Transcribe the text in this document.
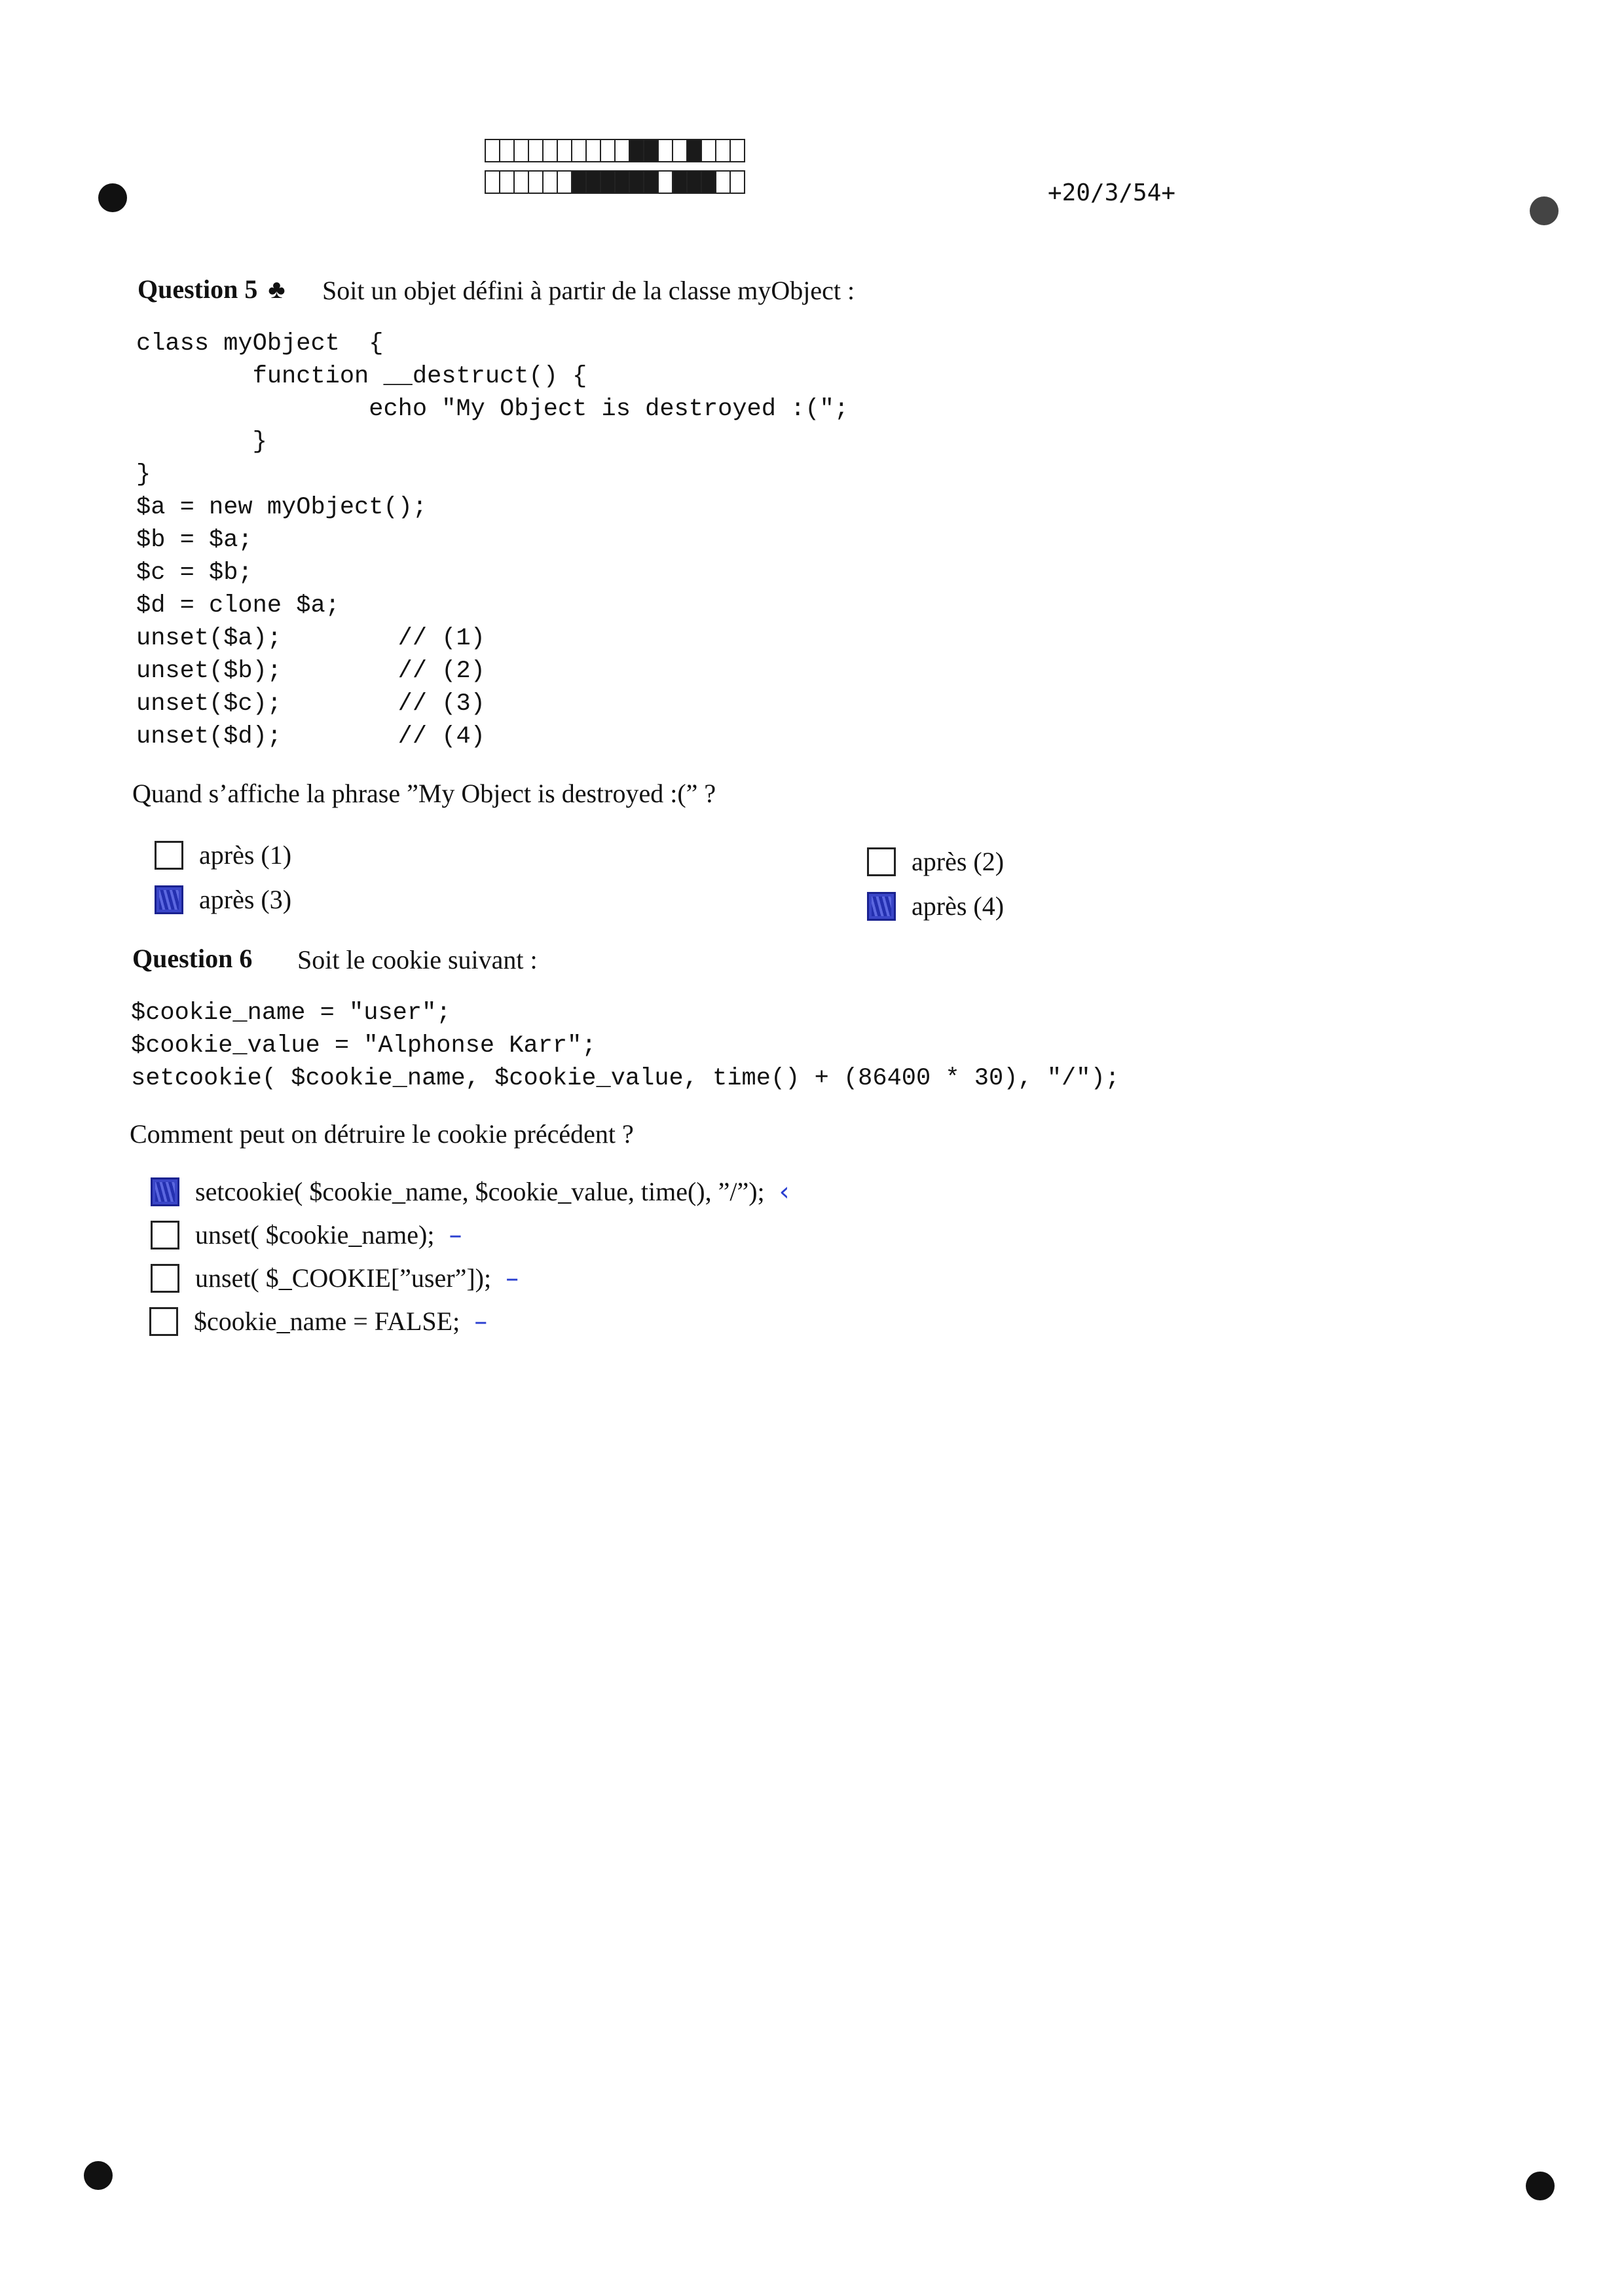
+20/3/54+
Question 5 ♣ Soit un objet défini à partir de la classe myObject :
class myObject  {
function __destruct() {
echo "My Object is destroyed :(";
}
}
$a = new myObject();
$b = $a;
$c = $b;
$d = clone $a;
unset($a);        // (1)
unset($b);        // (2)
unset($c);        // (3)
unset($d);        // (4)
Quand s’affiche la phrase ”My Object is destroyed :(” ?
après (1)	après (2)
après (3)	après (4)
Question 6 Soit le cookie suivant :
$cookie_name = "user";
$cookie_value = "Alphonse Karr";
setcookie( $cookie_name, $cookie_value, time() + (86400 * 30), "/");
Comment peut on détruire le cookie précédent ?
setcookie( $cookie_name, $cookie_value, time(), ”/”); ‹
unset( $cookie_name); –
unset( $_COOKIE[”user”]); –
$cookie_name = FALSE; –
